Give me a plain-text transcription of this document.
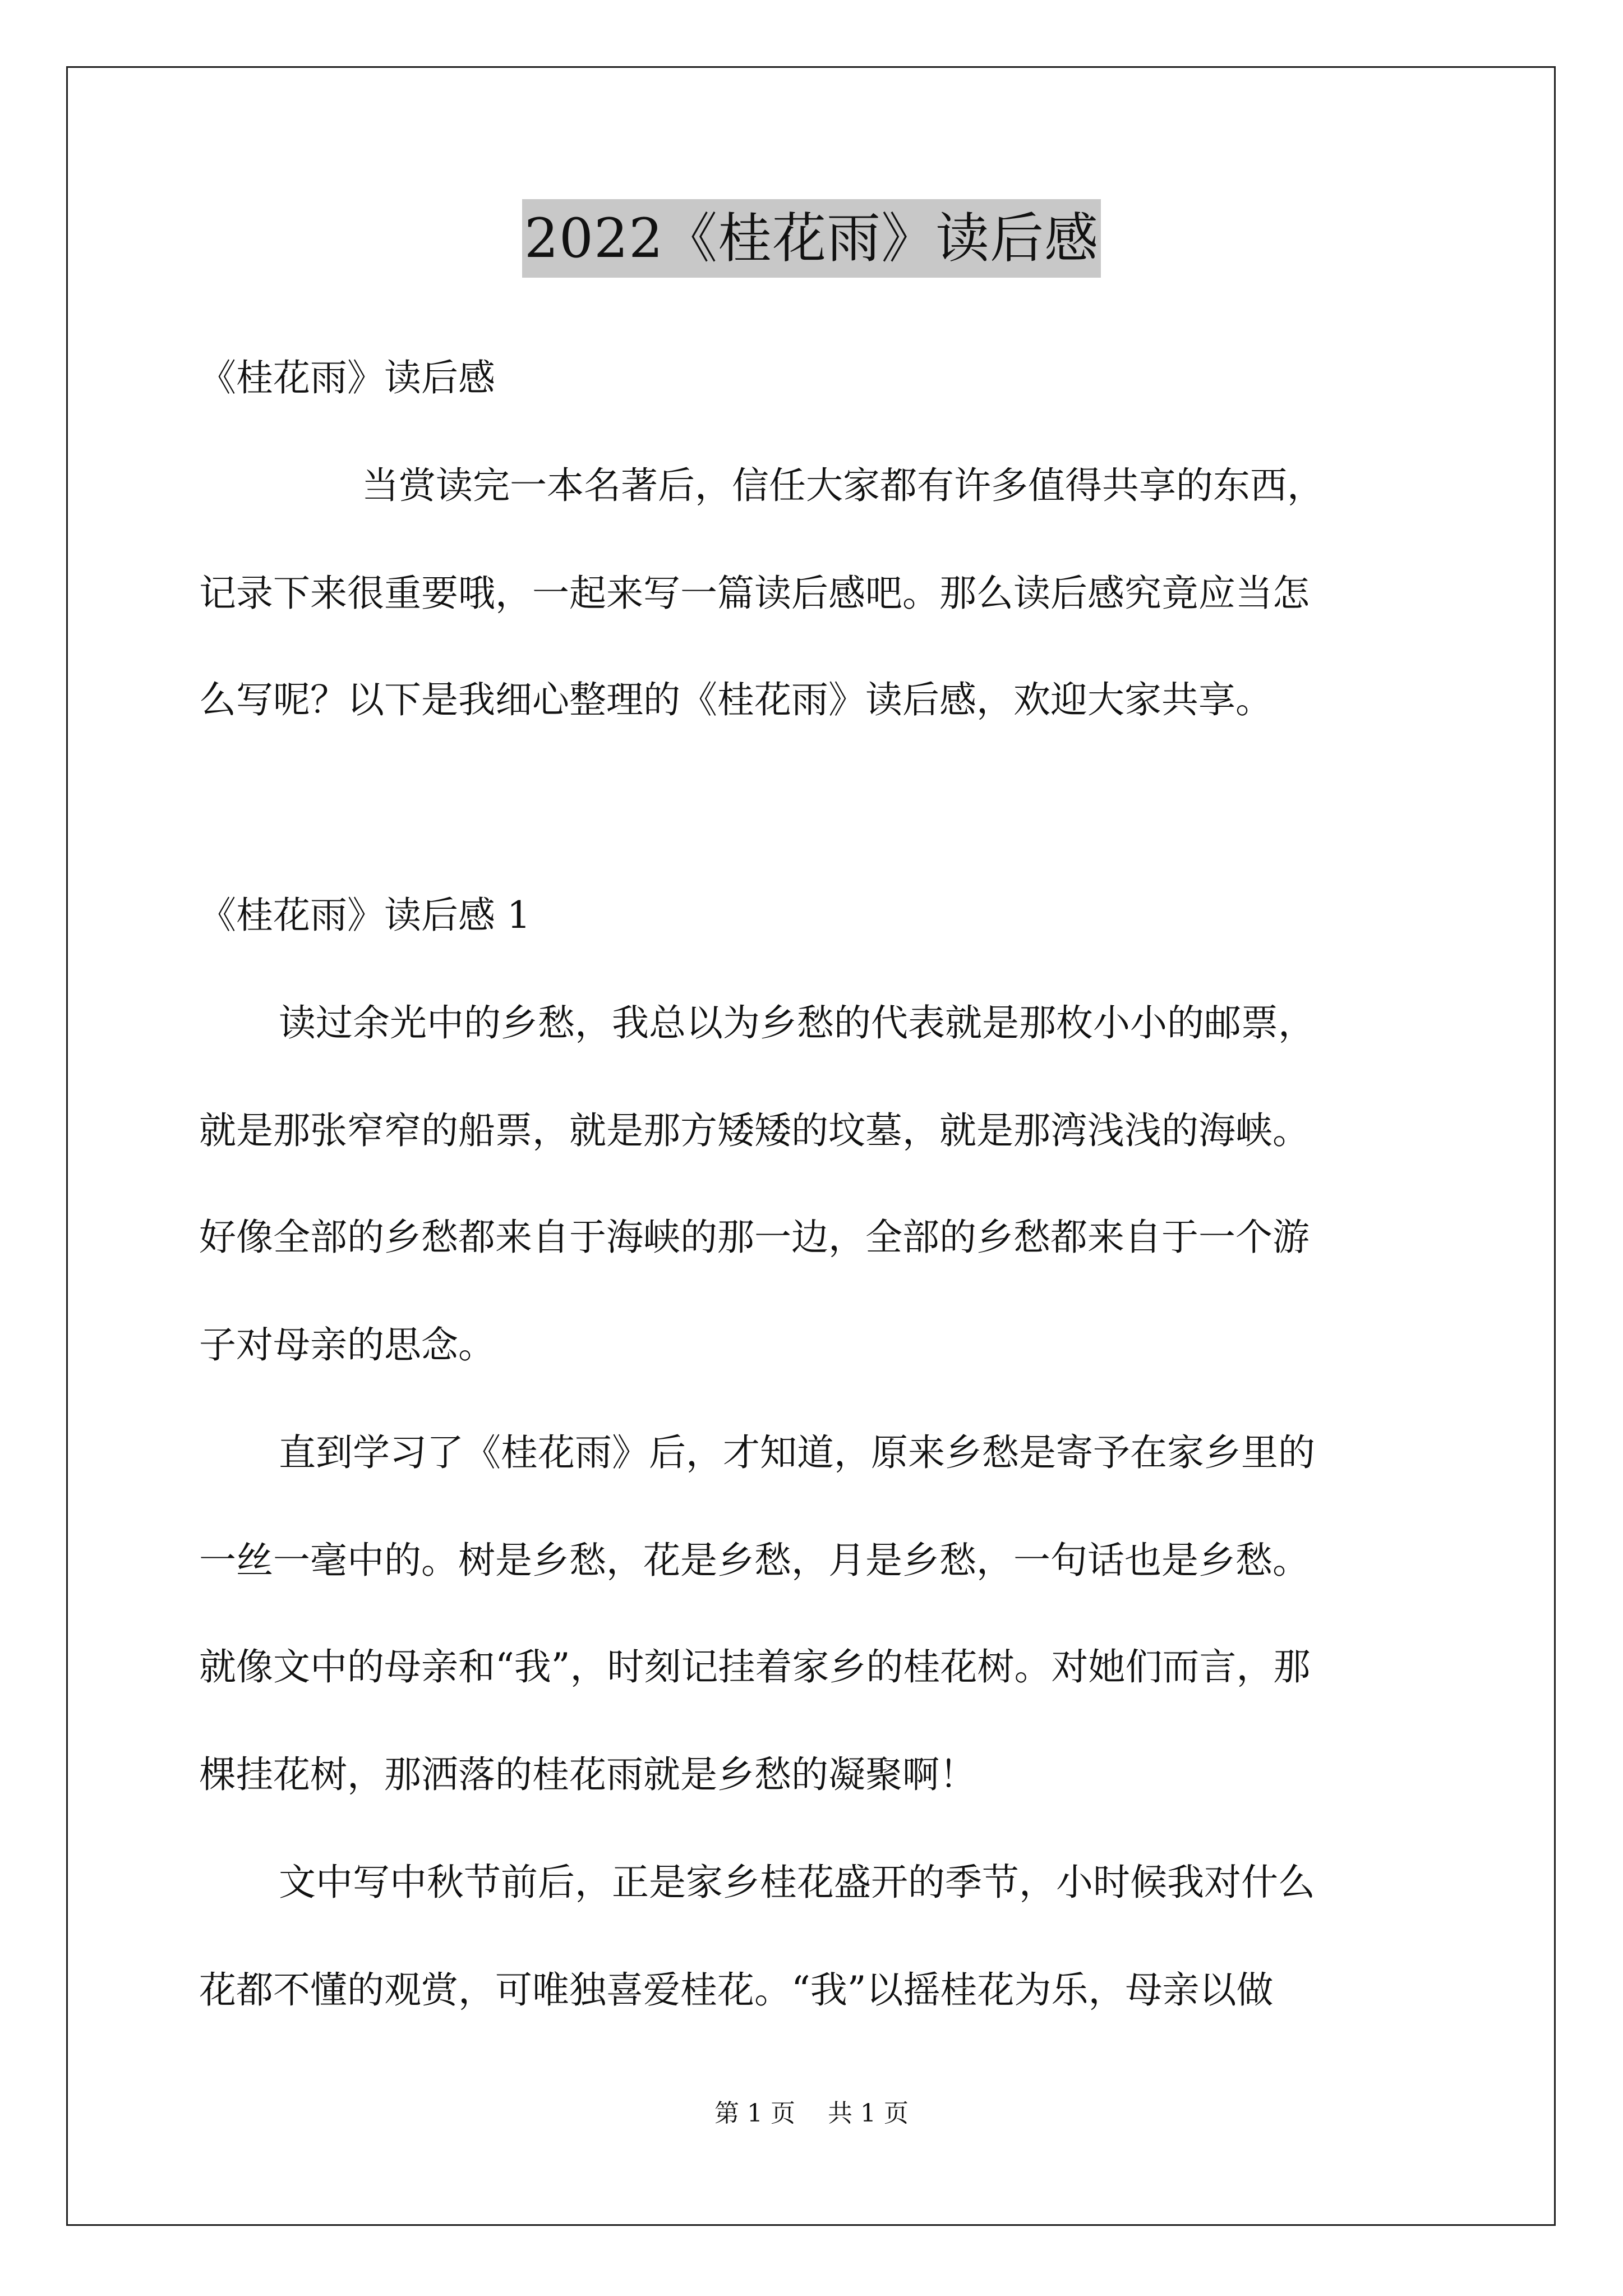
2022《桂花雨》读后感
《桂花雨》读后感
当赏读完一本名著后，信任大家都有许多值得共享的东西，
记录下来很重要哦，一起来写一篇读后感吧。那么读后感究竟应当怎
么写呢？以下是我细心整理的《桂花雨》读后感，欢迎大家共享。
《桂花雨》读后感 1
读过余光中的乡愁，我总以为乡愁的代表就是那枚小小的邮票，
就是那张窄窄的船票，就是那方矮矮的坟墓，就是那湾浅浅的海峡。
好像全部的乡愁都来自于海峡的那一边，全部的乡愁都来自于一个游
子对母亲的思念。
直到学习了《桂花雨》后，才知道，原来乡愁是寄予在家乡里的
一丝一毫中的。树是乡愁，花是乡愁，月是乡愁，一句话也是乡愁。
就像文中的母亲和“我”，时刻记挂着家乡的桂花树。对她们而言，那
棵挂花树，那洒落的桂花雨就是乡愁的凝聚啊！
文中写中秋节前后，正是家乡桂花盛开的季节，小时候我对什么
花都不懂的观赏，可唯独喜爱桂花。“我”以摇桂花为乐，母亲以做
第 1 页 共 1 页
